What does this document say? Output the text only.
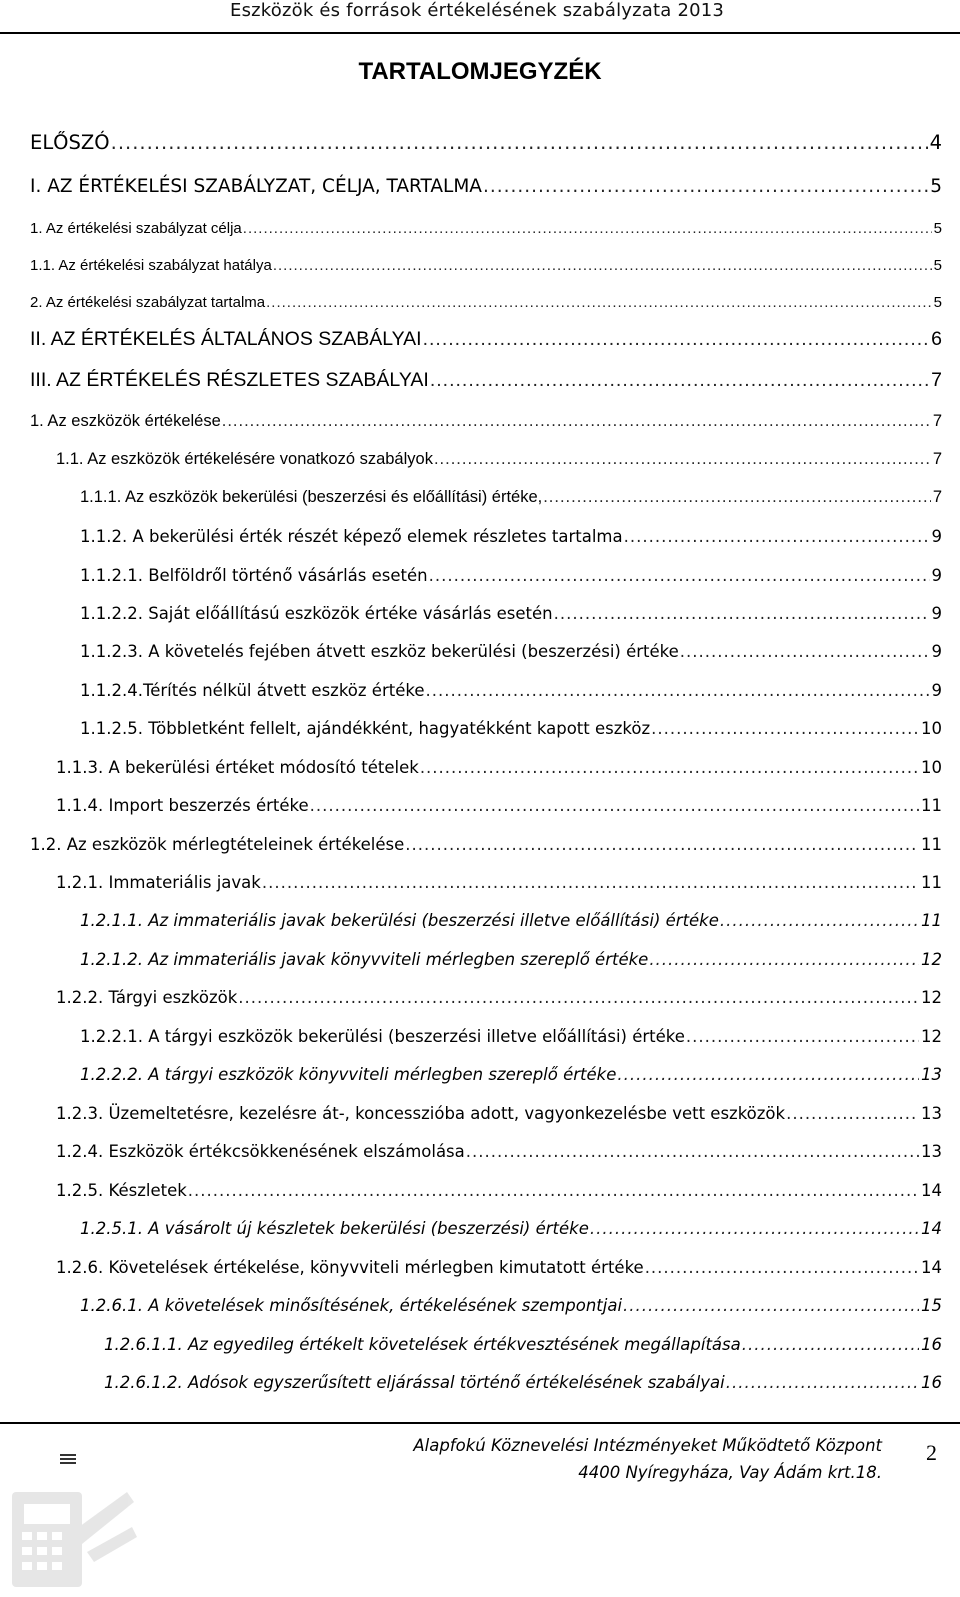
Eszközök és források értékelésének szabályzata 2013
TARTALOMJEGYZÉK
ELŐSZÓ .....	4
I. AZ ÉRTÉKELÉSI SZABÁLYZAT, CÉLJA, TARTALMA .....	5
1. Az értékelési szabályzat célja .....	5
1.1. Az értékelési szabályzat hatálya .....	5
2. Az értékelési szabályzat tartalma .....	5
II. AZ ÉRTÉKELÉS ÁLTALÁNOS SZABÁLYAI .....	6
III. AZ ÉRTÉKELÉS RÉSZLETES SZABÁLYAI .....	7
1. Az eszközök értékelése .....	7
1.1. Az eszközök értékelésére vonatkozó szabályok .....	7
1.1.1. Az eszközök bekerülési (beszerzési és előállítási) értéke, .....	7
1.1.2. A bekerülési érték részét képező elemek részletes tartalma .....	9
1.1.2.1. Belföldről történő vásárlás esetén .....	9
1.1.2.2. Saját előállítású eszközök értéke vásárlás esetén .....	9
1.1.2.3. A követelés fejében átvett eszköz bekerülési (beszerzési) értéke .....	9
1.1.2.4.Térítés nélkül átvett eszköz értéke .....	9
1.1.2.5. Többletként fellelt, ajándékként, hagyatékként kapott eszköz .....	10
1.1.3. A bekerülési értéket módosító tételek .....	10
1.1.4. Import beszerzés értéke .....	11
1.2. Az eszközök mérlegtételeinek értékelése .....	11
1.2.1. Immateriális javak .....	11
1.2.1.1. Az immateriális javak bekerülési (beszerzési illetve előállítási) értéke .....	11
1.2.1.2. Az immateriális javak könyvviteli mérlegben szereplő értéke .....	12
1.2.2. Tárgyi eszközök .....	12
1.2.2.1. A tárgyi eszközök bekerülési (beszerzési illetve előállítási) értéke .....	12
1.2.2.2. A tárgyi eszközök könyvviteli mérlegben szereplő értéke .....	13
1.2.3. Üzemeltetésre, kezelésre át-, koncesszióba adott, vagyonkezelésbe vett eszközök .....	13
1.2.4. Eszközök értékcsökkenésének elszámolása .....	13
1.2.5. Készletek .....	14
1.2.5.1. A vásárolt új készletek bekerülési (beszerzési) értéke .....	14
1.2.6. Követelések értékelése, könyvviteli mérlegben kimutatott értéke .....	14
1.2.6.1. A követelések minősítésének, értékelésének szempontjai .....	15
1.2.6.1.1. Az egyedileg értékelt követelések értékvesztésének megállapítása .....	16
1.2.6.1.2. Adósok egyszerűsített eljárással történő értékelésének szabályai .....	16
Alapfokú Köznevelési Intézményeket Működtető Központ
4400 Nyíregyháza, Vay Ádám krt.18.
2
